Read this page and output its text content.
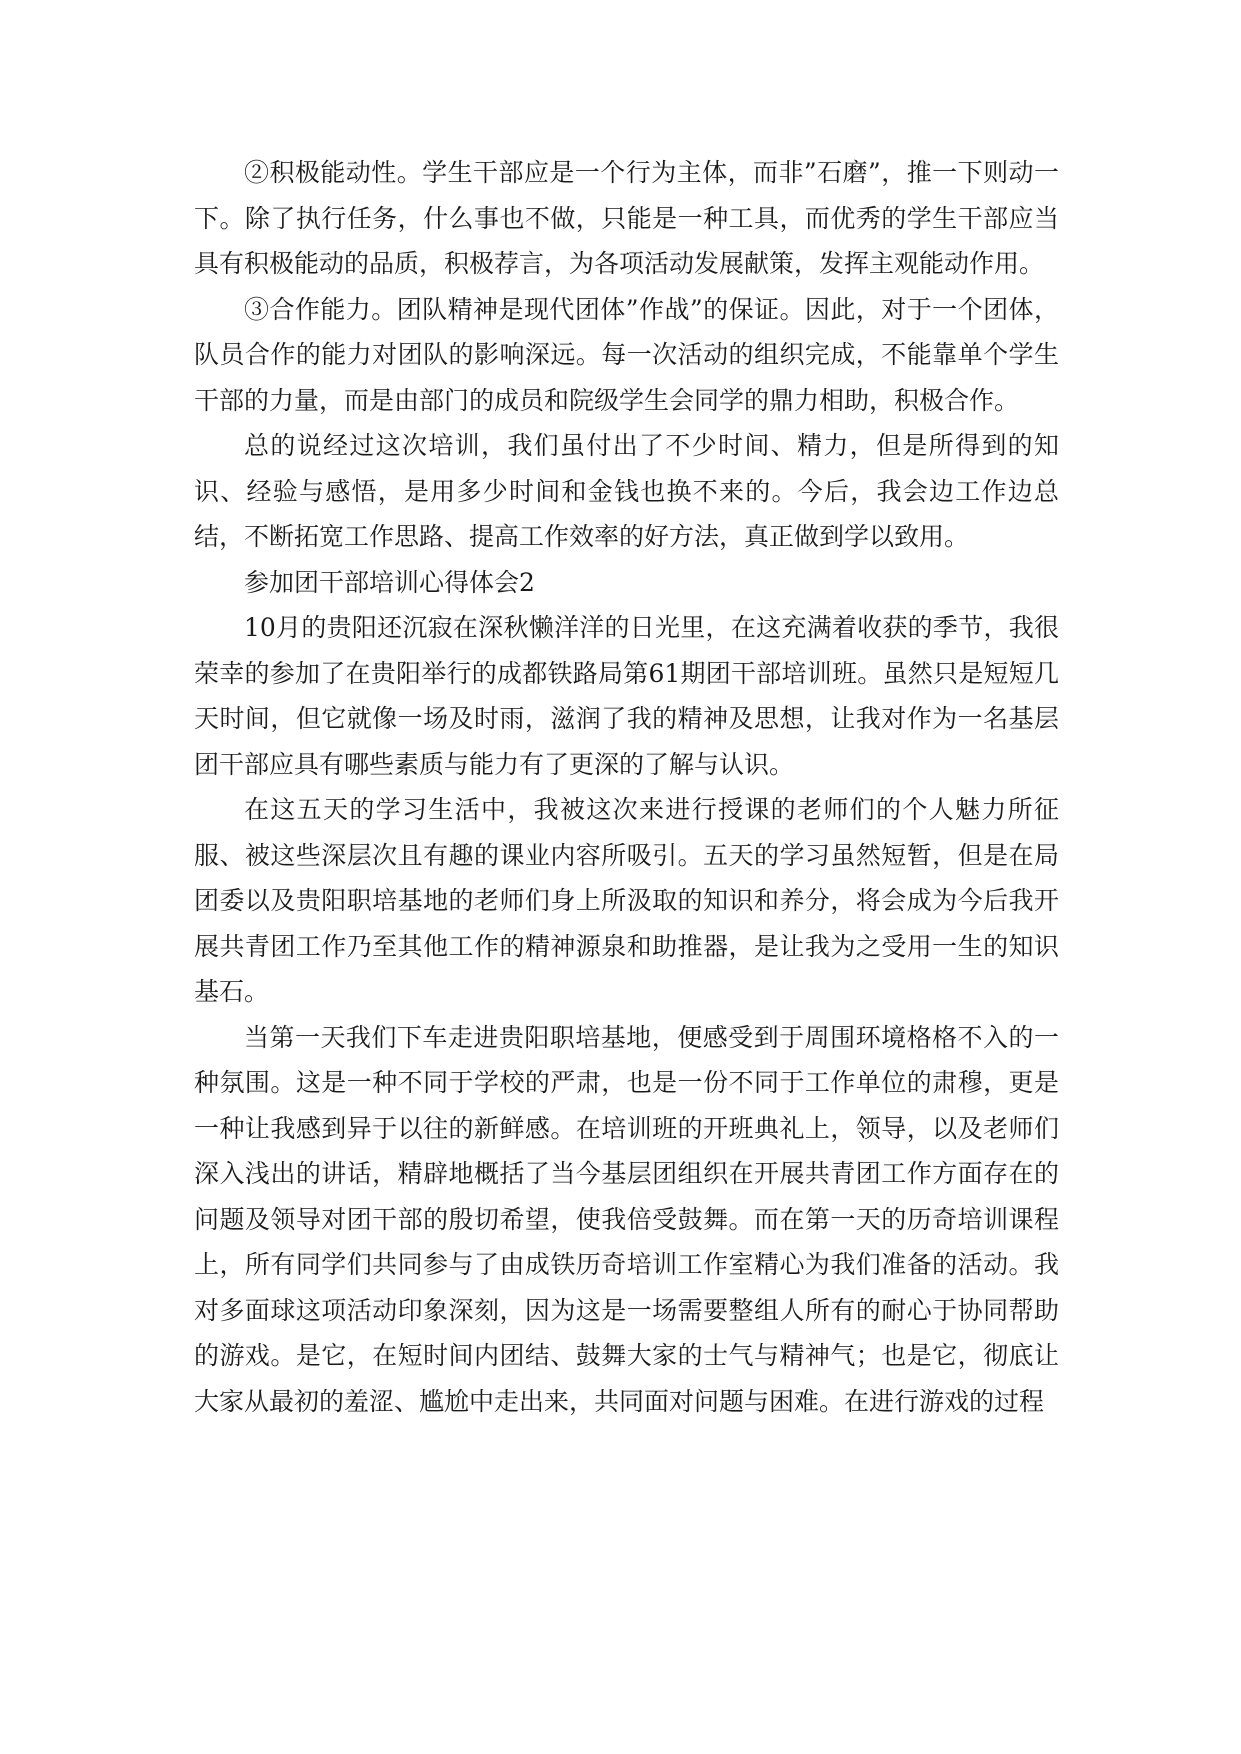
②积极能动性。学生干部应是一个行为主体，而非”石磨”，推一下则动一下。除了执行任务，什么事也不做，只能是一种工具，而优秀的学生干部应当具有积极能动的品质，积极荐言，为各项活动发展献策，发挥主观能动作用。

③合作能力。团队精神是现代团体”作战”的保证。因此，对于一个团体，队员合作的能力对团队的影响深远。每一次活动的组织完成，不能靠单个学生干部的力量，而是由部门的成员和院级学生会同学的鼎力相助，积极合作。

总的说经过这次培训，我们虽付出了不少时间、精力，但是所得到的知识、经验与感悟，是用多少时间和金钱也换不来的。今后，我会边工作边总结，不断拓宽工作思路、提高工作效率的好方法，真正做到学以致用。

参加团干部培训心得体会2

10月的贵阳还沉寂在深秋懒洋洋的日光里，在这充满着收获的季节，我很荣幸的参加了在贵阳举行的成都铁路局第61期团干部培训班。虽然只是短短几天时间，但它就像一场及时雨，滋润了我的精神及思想，让我对作为一名基层团干部应具有哪些素质与能力有了更深的了解与认识。

在这五天的学习生活中，我被这次来进行授课的老师们的个人魅力所征服、被这些深层次且有趣的课业内容所吸引。五天的学习虽然短暂，但是在局团委以及贵阳职培基地的老师们身上所汲取的知识和养分，将会成为今后我开展共青团工作乃至其他工作的精神源泉和助推器，是让我为之受用一生的知识基石。

当第一天我们下车走进贵阳职培基地，便感受到于周围环境格格不入的一种氛围。这是一种不同于学校的严肃，也是一份不同于工作单位的肃穆，更是一种让我感到异于以往的新鲜感。在培训班的开班典礼上，领导，以及老师们深入浅出的讲话，精辟地概括了当今基层团组织在开展共青团工作方面存在的问题及领导对团干部的殷切希望，使我倍受鼓舞。而在第一天的历奇培训课程上，所有同学们共同参与了由成铁历奇培训工作室精心为我们准备的活动。我对多面球这项活动印象深刻，因为这是一场需要整组人所有的耐心于协同帮助的游戏。是它，在短时间内团结、鼓舞大家的士气与精神气；也是它，彻底让大家从最初的羞涩、尴尬中走出来，共同面对问题与困难。在进行游戏的过程
